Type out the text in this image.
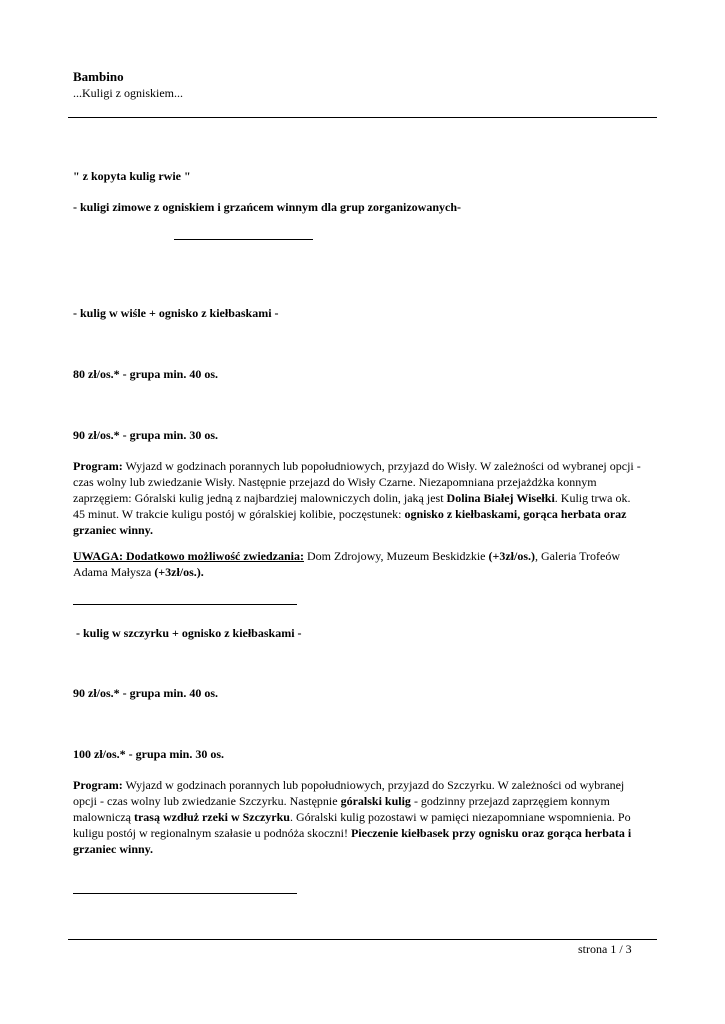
Bambino
...Kuligi z ogniskiem...
" z kopyta kulig rwie "
- kuligi zimowe z ogniskiem i grzańcem winnym dla grup zorganizowanych-
- kulig w wiśle + ognisko z kiełbaskami -
80 zł/os.* - grupa min. 40 os.
90 zł/os.* - grupa min. 30 os.
Program: Wyjazd w godzinach porannych lub popołudniowych, przyjazd do Wisły. W zależności od wybranej opcji -
czas wolny lub zwiedzanie Wisły. Następnie przejazd do Wisły Czarne. Niezapomniana przejażdżka konnym
zaprzęgiem: Góralski kulig jedną z najbardziej malowniczych dolin, jaką jest Dolina Białej Wisełki. Kulig trwa ok.
45 minut. W trakcie kuligu postój w góralskiej kolibie, poczęstunek: ognisko z kiełbaskami, gorąca herbata oraz
grzaniec winny.
UWAGA: Dodatkowo możliwość zwiedzania: Dom Zdrojowy, Muzeum Beskidzkie (+3zł/os.), Galeria Trofeów
Adama Małysza (+3zł/os.).
- kulig w szczyrku + ognisko z kiełbaskami -
90 zł/os.* - grupa min. 40 os.
100 zł/os.* - grupa min. 30 os.
Program: Wyjazd w godzinach porannych lub popołudniowych, przyjazd do Szczyrku. W zależności od wybranej
opcji - czas wolny lub zwiedzanie Szczyrku. Następnie góralski kulig - godzinny przejazd zaprzęgiem konnym
malowniczą trasą wzdłuż rzeki w Szczyrku. Góralski kulig pozostawi w pamięci niezapomniane wspomnienia. Po
kuligu postój w regionalnym szałasie u podnóża skoczni! Pieczenie kiełbasek przy ognisku oraz gorąca herbata i
grzaniec winny.
strona 1 / 3
